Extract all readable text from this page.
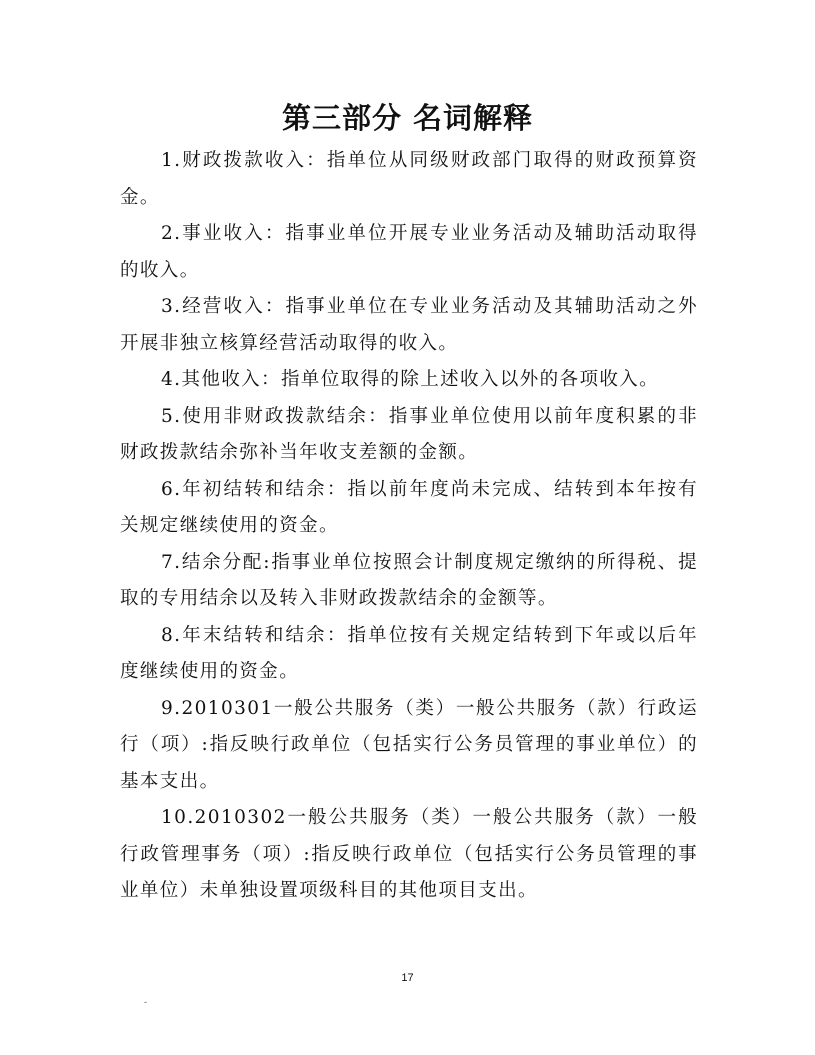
第三部分 名词解释

1.财政拨款收入：指单位从同级财政部门取得的财政预算资金。

2.事业收入：指事业单位开展专业业务活动及辅助活动取得的收入。

3.经营收入：指事业单位在专业业务活动及其辅助活动之外开展非独立核算经营活动取得的收入。

4.其他收入：指单位取得的除上述收入以外的各项收入。

5.使用非财政拨款结余：指事业单位使用以前年度积累的非财政拨款结余弥补当年收支差额的金额。

6.年初结转和结余：指以前年度尚未完成、结转到本年按有关规定继续使用的资金。

7.结余分配:指事业单位按照会计制度规定缴纳的所得税、提取的专用结余以及转入非财政拨款结余的金额等。

8.年末结转和结余：指单位按有关规定结转到下年或以后年度继续使用的资金。

9.2010301一般公共服务（类）一般公共服务（款）行政运行（项）:指反映行政单位（包括实行公务员管理的事业单位）的基本支出。

10.2010302一般公共服务（类）一般公共服务（款）一般行政管理事务（项）:指反映行政单位（包括实行公务员管理的事业单位）未单独设置项级科目的其他项目支出。

17
-
